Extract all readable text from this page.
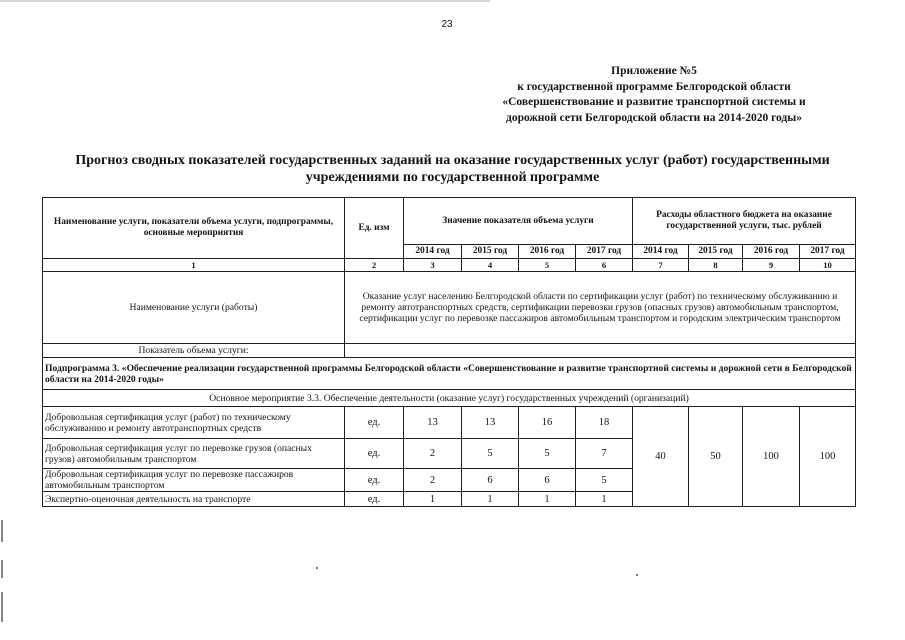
23
Приложение №5
к государственной программе Белгородской области
«Совершенствование и развитие транспортной системы и
дорожной сети Белгородской области на 2014-2020 годы»
Прогноз сводных показателей государственных заданий на оказание государственных услуг (работ) государственными
учреждениями по государственной программе
Наименование услуги, показатели объема услуги, подпрограммы, основные мероприятия	Ед. изм	Значение показателя объема услуги				Расходы областного бюджета на оказание государственной услуги, тыс. рублей			
		2014 год	2015 год	2016 год	2017 год	2014 год	2015 год	2016 год	2017 год
1	2	3	4	5	6	7	8	9	10
Наименование услуги (работы)	Оказание услуг населению Белгородской области по сертификации услуг (работ) по техническому обслуживанию и ремонту автотранспортных средств, сертификации перевозки грузов (опасных грузов) автомобильным транспортом, сертификации услуг по перевозке пассажиров автомобильным транспортом и городским электрическим транспортом								
Показатель объема услуги:									
Подпрограмма 3. «Обеспечение реализации государственной программы Белгородской области «Совершенствование и развитие транспортной системы и дорожной сети в Белгородской области на 2014-2020 годы»									
Основное мероприятие 3.3. Обеспечение деятельности (оказание услуг) государственных учреждений (организаций)									
Добровольная сертификация услуг (работ) по техническому обслуживанию и ремонту автотранспортных средств	ед.	13	13	16	18	40	50	100	100
Добровольная сертификация услуг по перевозке грузов (опасных грузов) автомобильным транспортом	ед.	2	5	5	7				
Добровольная сертификация услуг по перевозке пассажиров автомобильным транспортом	ед.	2	6	6	5				
Экспертно-оценочная деятельность на транспорте	ед.	1	1	1	1				
